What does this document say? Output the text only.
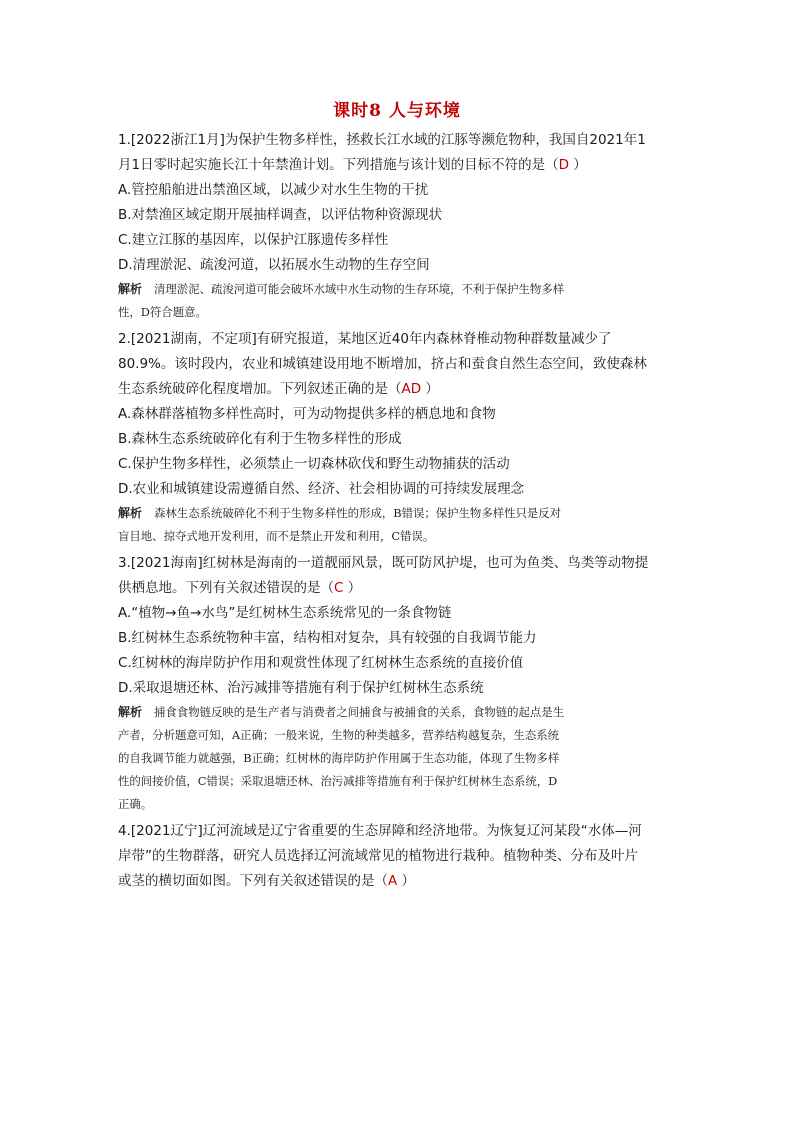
课时8 人与环境
1.[2022浙江1月]为保护生物多样性，拯救长江水域的江豚等濒危物种，我国自2021年1
月1日零时起实施长江十年禁渔计划。下列措施与该计划的目标不符的是（D ）
A.管控船舶进出禁渔区域，以减少对水生生物的干扰
B.对禁渔区域定期开展抽样调查，以评估物种资源现状
C.建立江豚的基因库，以保护江豚遗传多样性
D.清理淤泥、疏浚河道，以拓展水生动物的生存空间
解析 清理淤泥、疏浚河道可能会破坏水域中水生动物的生存环境，不利于保护生物多样
性，D符合题意。
2.[2021湖南，不定项]有研究报道，某地区近40年内森林脊椎动物种群数量减少了
80.9%。该时段内，农业和城镇建设用地不断增加，挤占和蚕食自然生态空间，致使森林
生态系统破碎化程度增加。下列叙述正确的是（AD ）
A.森林群落植物多样性高时，可为动物提供多样的栖息地和食物
B.森林生态系统破碎化有利于生物多样性的形成
C.保护生物多样性，必须禁止一切森林砍伐和野生动物捕获的活动
D.农业和城镇建设需遵循自然、经济、社会相协调的可持续发展理念
解析 森林生态系统破碎化不利于生物多样性的形成，B错误；保护生物多样性只是反对
盲目地、掠夺式地开发利用，而不是禁止开发和利用，C错误。
3.[2021海南]红树林是海南的一道靓丽风景，既可防风护堤，也可为鱼类、鸟类等动物提
供栖息地。下列有关叙述错误的是（C ）
A.“植物→鱼→水鸟”是红树林生态系统常见的一条食物链
B.红树林生态系统物种丰富，结构相对复杂，具有较强的自我调节能力
C.红树林的海岸防护作用和观赏性体现了红树林生态系统的直接价值
D.采取退塘还林、治污减排等措施有利于保护红树林生态系统
解析 捕食食物链反映的是生产者与消费者之间捕食与被捕食的关系，食物链的起点是生
产者，分析题意可知，A正确；一般来说，生物的种类越多，营养结构越复杂，生态系统
的自我调节能力就越强，B正确；红树林的海岸防护作用属于生态功能，体现了生物多样
性的间接价值，C错误；采取退塘还林、治污减排等措施有利于保护红树林生态系统，D
正确。
4.[2021辽宁]辽河流域是辽宁省重要的生态屏障和经济地带。为恢复辽河某段“水体—河
岸带”的生物群落，研究人员选择辽河流域常见的植物进行栽种。植物种类、分布及叶片
或茎的横切面如图。下列有关叙述错误的是（A ）
